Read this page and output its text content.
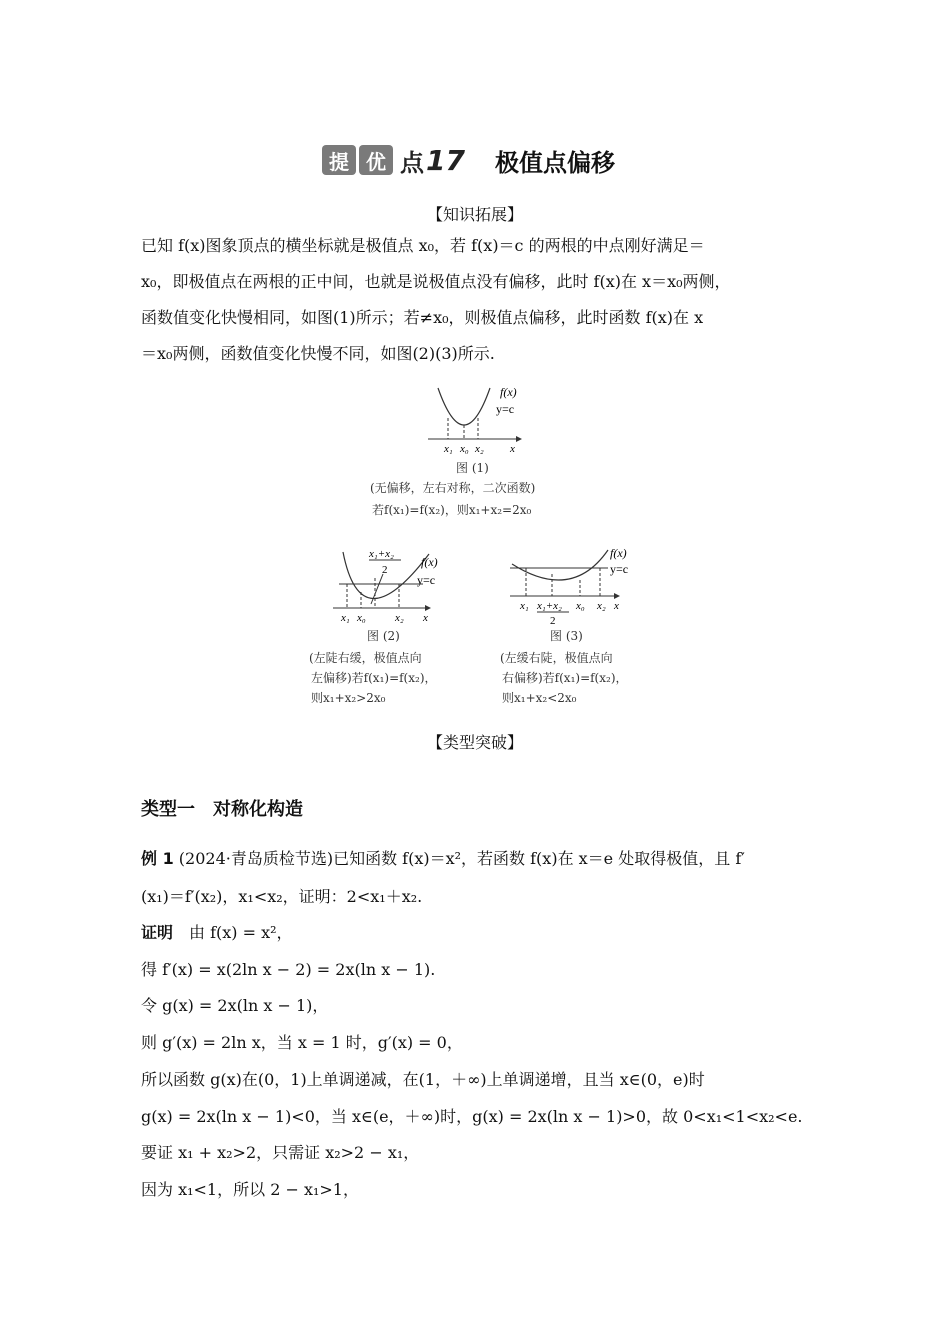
提 优 点 17 极值点偏移
【知识拓展】
已知 f(x)图象顶点的横坐标就是极值点 x₀，若 f(x)＝c 的两根的中点刚好满足＝
x₀，即极值点在两根的正中间，也就是说极值点没有偏移，此时 f(x)在 x＝x₀两侧，
函数值变化快慢相同，如图(1)所示；若≠x₀，则极值点偏移，此时函数 f(x)在 x
＝x₀两侧，函数值变化快慢不同，如图(2)(3)所示.
f(x)
y=c
x₁ x₀ x₂ x
图 (1)
(无偏移，左右对称，二次函数)
若f(x₁)=f(x₂)，则x₁+x₂=2x₀
x₁+x₂
2
f(x)
y=c
x₁ x₀	x₂ x
图 (2)
(左陡右缓，极值点向
左偏移)若f(x₁)=f(x₂)，
则x₁+x₂>2x₀
f(x)
y=c
x₁ x₁+x₂
2
x₀ x₂ x
图 (3)
(左缓右陡，极值点向
右偏移)若f(x₁)=f(x₂)，
则x₁+x₂<2x₀
【类型突破】
类型一　对称化构造
例 1 (2024·青岛质检节选)已知函数 f(x)＝x²，若函数 f(x)在 x＝e 处取得极值，且 f′
(x₁)＝f′(x₂)，x₁<x₂，证明：2<x₁＋x₂.
证明　由 f(x) = x²，
得 f′(x) = x(2ln x − 2) = 2x(ln x − 1).
令 g(x) = 2x(ln x − 1)，
则 g′(x) = 2ln x，当 x = 1 时，g′(x) = 0，
所以函数 g(x)在(0，1)上单调递减，在(1，＋∞)上单调递增，且当 x∈(0，e)时
g(x) = 2x(ln x − 1)<0，当 x∈(e，＋∞)时，g(x) = 2x(ln x − 1)>0，故 0<x₁<1<x₂<e.
要证 x₁ + x₂>2，只需证 x₂>2 − x₁，
因为 x₁<1，所以 2 − x₁>1，
